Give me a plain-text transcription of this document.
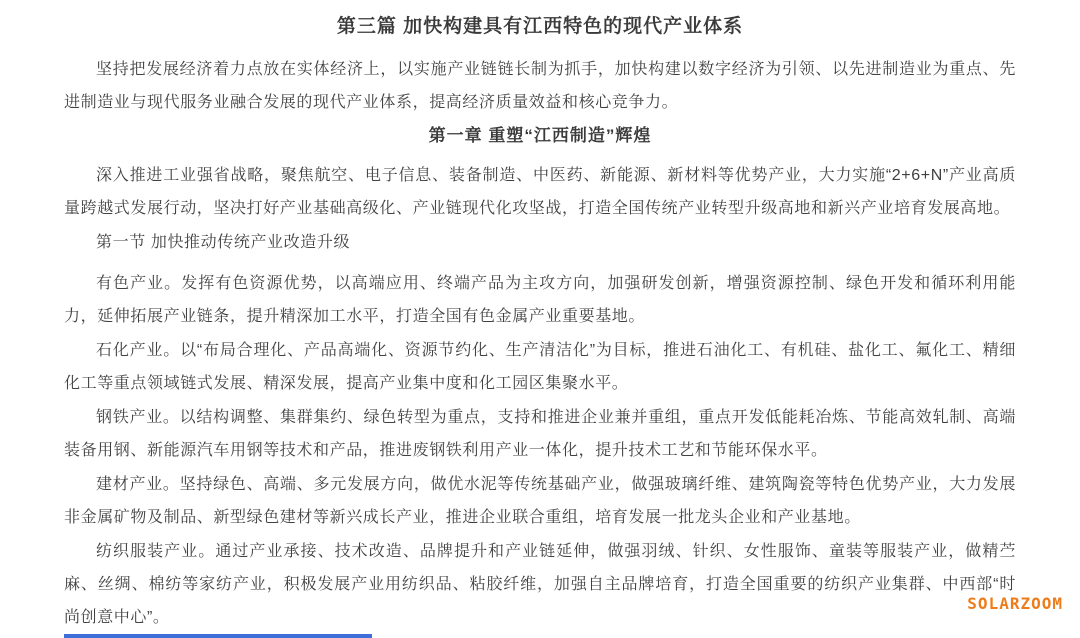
第三篇 加快构建具有江西特色的现代产业体系

坚持把发展经济着力点放在实体经济上，以实施产业链链长制为抓手，加快构建以数字经济为引领、以先进制造业为重点、先进制造业与现代服务业融合发展的现代产业体系，提高经济质量效益和核心竞争力。

第一章 重塑“江西制造”辉煌

深入推进工业强省战略，聚焦航空、电子信息、装备制造、中医药、新能源、新材料等优势产业，大力实施“2+6+N”产业高质量跨越式发展行动，坚决打好产业基础高级化、产业链现代化攻坚战，打造全国传统产业转型升级高地和新兴产业培育发展高地。

第一节 加快推动传统产业改造升级

有色产业。发挥有色资源优势，以高端应用、终端产品为主攻方向，加强研发创新，增强资源控制、绿色开发和循环利用能力，延伸拓展产业链条，提升精深加工水平，打造全国有色金属产业重要基地。

石化产业。以“布局合理化、产品高端化、资源节约化、生产清洁化”为目标，推进石油化工、有机硅、盐化工、氟化工、精细化工等重点领域链式发展、精深发展，提高产业集中度和化工园区集聚水平。

钢铁产业。以结构调整、集群集约、绿色转型为重点，支持和推进企业兼并重组，重点开发低能耗冶炼、节能高效轧制、高端装备用钢、新能源汽车用钢等技术和产品，推进废钢铁利用产业一体化，提升技术工艺和节能环保水平。

建材产业。坚持绿色、高端、多元发展方向，做优水泥等传统基础产业，做强玻璃纤维、建筑陶瓷等特色优势产业，大力发展非金属矿物及制品、新型绿色建材等新兴成长产业，推进企业联合重组，培育发展一批龙头企业和产业基地。

纺织服装产业。通过产业承接、技术改造、品牌提升和产业链延伸，做强羽绒、针织、女性服饰、童装等服装产业，做精苎麻、丝绸、棉纺等家纺产业，积极发展产业用纺织品、粘胶纤维，加强自主品牌培育，打造全国重要的纺织产业集群、中西部“时尚创意中心”。

SOLARZOOM
